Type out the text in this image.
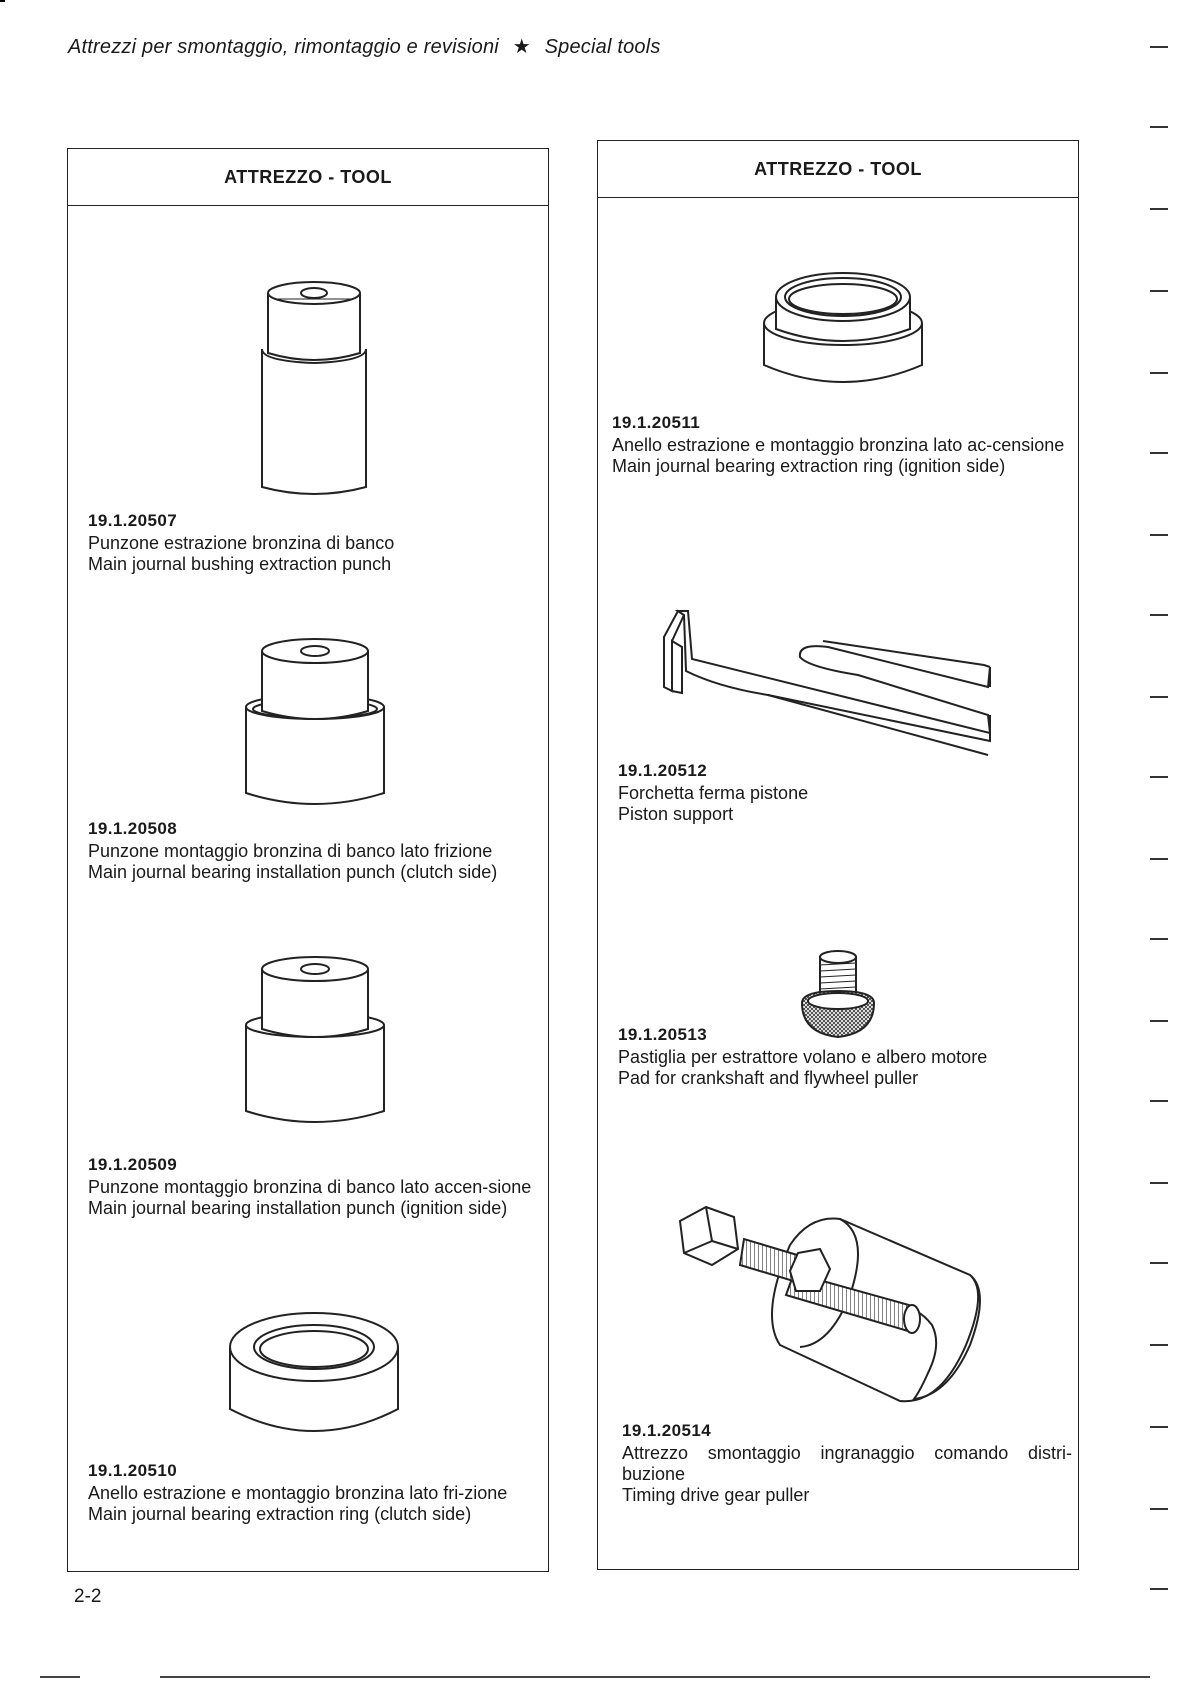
Attrezzi per smontaggio, rimontaggio e revisioni ★ Special tools
ATTREZZO - TOOL
19.1.20507
Punzone estrazione bronzina di banco
Main journal bushing extraction punch
19.1.20508
Punzone montaggio bronzina di banco lato frizione
Main journal bearing installation punch (clutch side)
19.1.20509
Punzone montaggio bronzina di banco lato accen-sione
Main journal bearing installation punch (ignition side)
19.1.20510
Anello estrazione e montaggio bronzina lato fri-zione
Main journal bearing extraction ring (clutch side)
ATTREZZO - TOOL
19.1.20511
Anello estrazione e montaggio bronzina lato ac-censione
Main journal bearing extraction ring (ignition side)
19.1.20512
Forchetta ferma pistone
Piston support
19.1.20513
Pastiglia per estrattore volano e albero motore
Pad for crankshaft and flywheel puller
19.1.20514
Attrezzo smontaggio ingranaggio comando distri-buzione
Timing drive gear puller
2-2
